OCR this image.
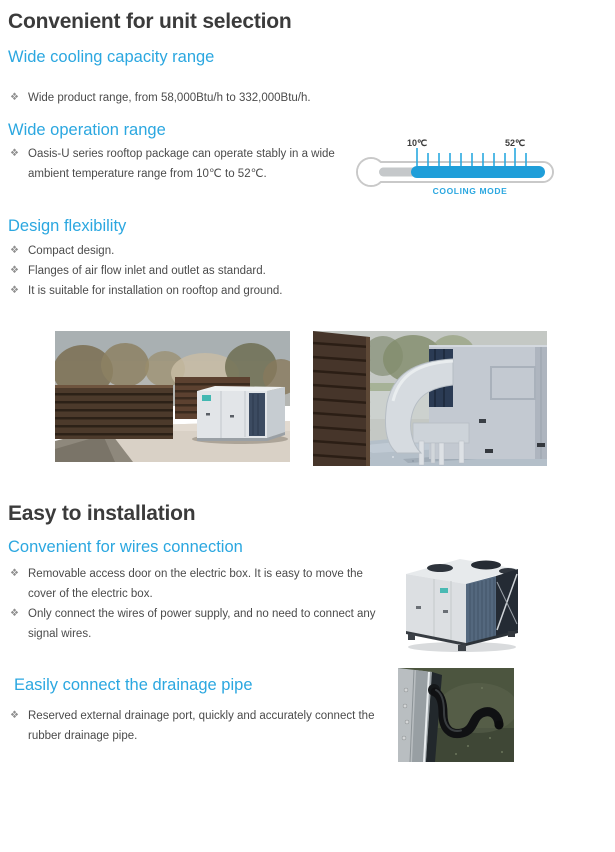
Convenient for unit selection
Wide cooling capacity range
❖ Wide product range, from 58,000Btu/h to 332,000Btu/h.
Wide operation range
❖ Oasis-U series rooftop package can operate stably in a wide ambient temperature range from 10℃ to 52℃.
10℃	52℃
COOLING MODE
Design flexibility
❖ Compact design.
❖ Flanges of air flow inlet and outlet as standard.
❖ It is suitable for installation on rooftop and ground.
Easy to installation
Convenient for wires connection
❖ Removable access door on the electric box. It is easy to move the cover of the electric box.
❖ Only connect the wires of power supply, and no need to connect any signal wires.
Easily connect the drainage pipe
❖ Reserved external drainage port, quickly and accurately connect the rubber drainage pipe.
